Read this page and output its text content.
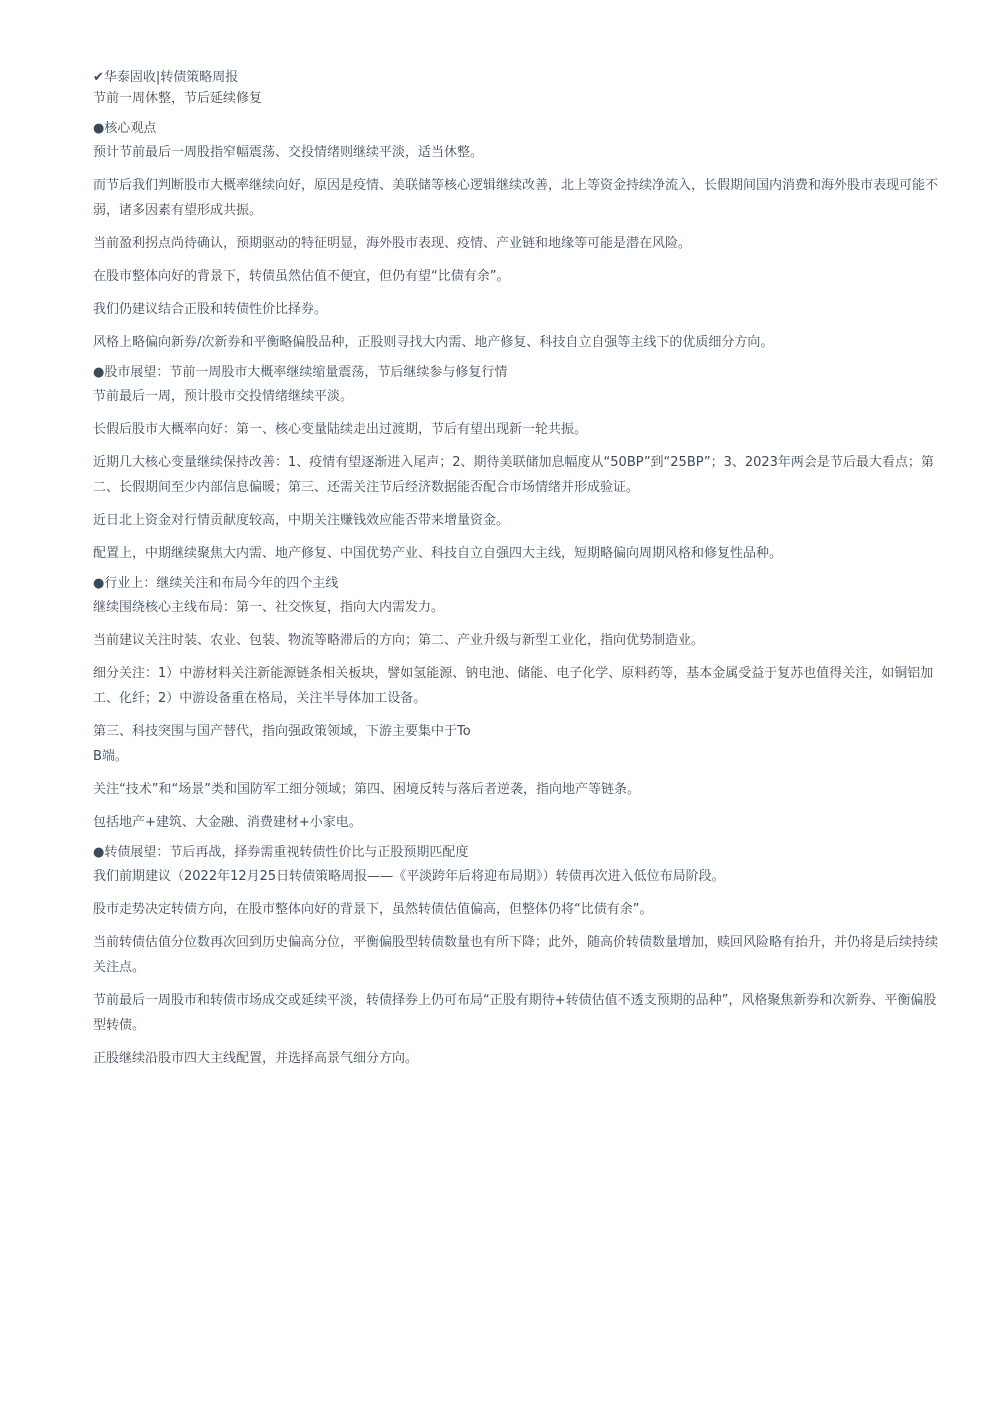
✔华泰固收|转债策略周报
节前一周休整，节后延续修复
●核心观点
预计节前最后一周股指窄幅震荡、交投情绪则继续平淡，适当休整。
而节后我们判断股市大概率继续向好，原因是疫情、美联储等核心逻辑继续改善，北上等资金持续净流入，长假期间国内消费和海外股市表现可能不弱，诸多因素有望形成共振。
当前盈利拐点尚待确认，预期驱动的特征明显，海外股市表现、疫情、产业链和地缘等可能是潜在风险。
在股市整体向好的背景下，转债虽然估值不便宜，但仍有望“比债有余”。
我们仍建议结合正股和转债性价比择券。
风格上略偏向新券/次新券和平衡略偏股品种，正股则寻找大内需、地产修复、科技自立自强等主线下的优质细分方向。
●股市展望：节前一周股市大概率继续缩量震荡，节后继续参与修复行情
节前最后一周，预计股市交投情绪继续平淡。
长假后股市大概率向好：第一、核心变量陆续走出过渡期，节后有望出现新一轮共振。
近期几大核心变量继续保持改善：1、疫情有望逐渐进入尾声；2、期待美联储加息幅度从“50BP”到“25BP”；3、2023年两会是节后最大看点；第二、长假期间至少内部信息偏暖；第三、还需关注节后经济数据能否配合市场情绪并形成验证。
近日北上资金对行情贡献度较高，中期关注赚钱效应能否带来增量资金。
配置上，中期继续聚焦大内需、地产修复、中国优势产业、科技自立自强四大主线，短期略偏向周期风格和修复性品种。
●行业上：继续关注和布局今年的四个主线
继续围绕核心主线布局：第一、社交恢复，指向大内需发力。
当前建议关注时装、农业、包装、物流等略滞后的方向；第二、产业升级与新型工业化，指向优势制造业。
细分关注：1）中游材料关注新能源链条相关板块，譬如氢能源、钠电池、储能、电子化学、原料药等，基本金属受益于复苏也值得关注，如铜铝加工、化纤；2）中游设备重在格局，关注半导体加工设备。
第三、科技突围与国产替代，指向强政策领域，下游主要集中于To
B端。
关注“技术”和“场景”类和国防军工细分领域；第四、困境反转与落后者逆袭，指向地产等链条。
包括地产+建筑、大金融、消费建材+小家电。
●转债展望：节后再战，择券需重视转债性价比与正股预期匹配度
我们前期建议（2022年12月25日转债策略周报——《平淡跨年后将迎布局期》）转债再次进入低位布局阶段。
股市走势决定转债方向，在股市整体向好的背景下，虽然转债估值偏高，但整体仍将“比债有余”。
当前转债估值分位数再次回到历史偏高分位，平衡偏股型转债数量也有所下降；此外，随高价转债数量增加，赎回风险略有抬升，并仍将是后续持续关注点。
节前最后一周股市和转债市场成交或延续平淡，转债择券上仍可布局“正股有期待+转债估值不透支预期的品种”，风格聚焦新券和次新券、平衡偏股型转债。
正股继续沿股市四大主线配置，并选择高景气细分方向。
